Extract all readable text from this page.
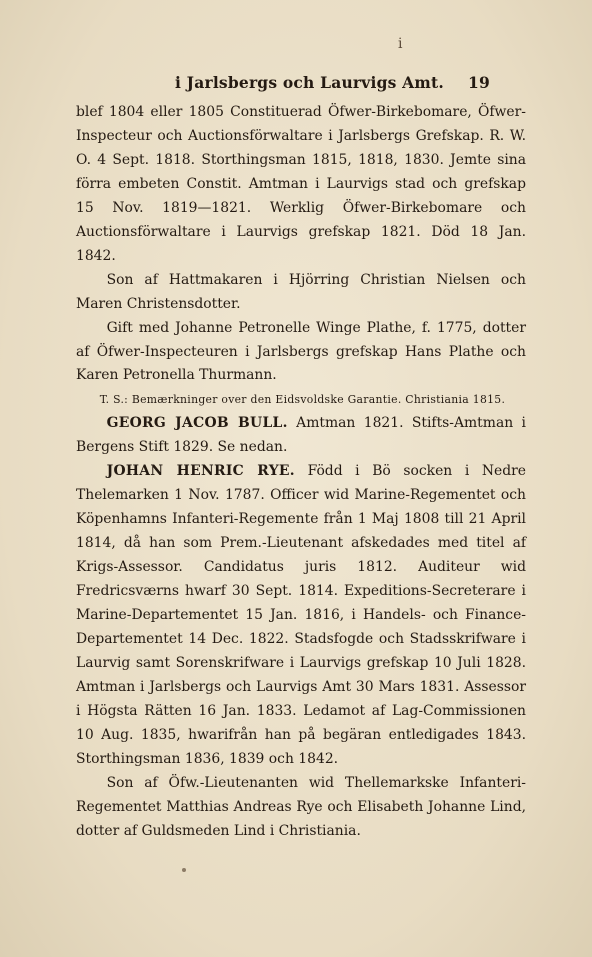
i
i Jarlsbergs och Laurvigs Amt. 19

blef 1804 eller 1805 Constituerad Öfwer-Birkebomare, Öfwer-Inspecteur och Auctionsförwaltare i Jarlsbergs Grefskap. R. W. O. 4 Sept. 1818. Storthingsman 1815, 1818, 1830. Jemte sina förra embeten Constit. Amtman i Laurvigs stad och grefskap 15 Nov. 1819—1821. Werklig Öfwer-Birkebomare och Auctionsförwaltare i Laurvigs grefskap 1821. Död 18 Jan. 1842.

Son af Hattmakaren i Hjörring Christian Nielsen och Maren Christensdotter.

Gift med Johanne Petronelle Winge Plathe, f. 1775, dotter af Öfwer-Inspecteuren i Jarlsbergs grefskap Hans Plathe och Karen Petronella Thurmann.

T. S.: Bemærkninger over den Eidsvoldske Garantie. Christiania 1815.

GEORG JACOB BULL. Amtman 1821. Stifts-Amtman i Bergens Stift 1829. Se nedan.

JOHAN HENRIC RYE. Född i Bö socken i Nedre Thelemarken 1 Nov. 1787. Officer wid Marine-Regementet och Köpenhamns Infanteri-Regemente från 1 Maj 1808 till 21 April 1814, då han som Prem.-Lieutenant afskedades med titel af Krigs-Assessor. Candidatus juris 1812. Auditeur wid Fredricsværns hwarf 30 Sept. 1814. Expeditions-Secreterare i Marine-Departementet 15 Jan. 1816, i Handels- och Finance-Departementet 14 Dec. 1822. Stadsfogde och Stadsskrifware i Laurvig samt Sorenskrifware i Laurvigs grefskap 10 Juli 1828. Amtman i Jarlsbergs och Laurvigs Amt 30 Mars 1831. Assessor i Högsta Rätten 16 Jan. 1833. Ledamot af Lag-Commissionen 10 Aug. 1835, hwarifrån han på begäran entledigades 1843. Storthingsman 1836, 1839 och 1842.

Son af Öfw.-Lieutenanten wid Thellemarkske Infanteri-Regementet Matthias Andreas Rye och Elisabeth Johanne Lind, dotter af Guldsmeden Lind i Christiania.
